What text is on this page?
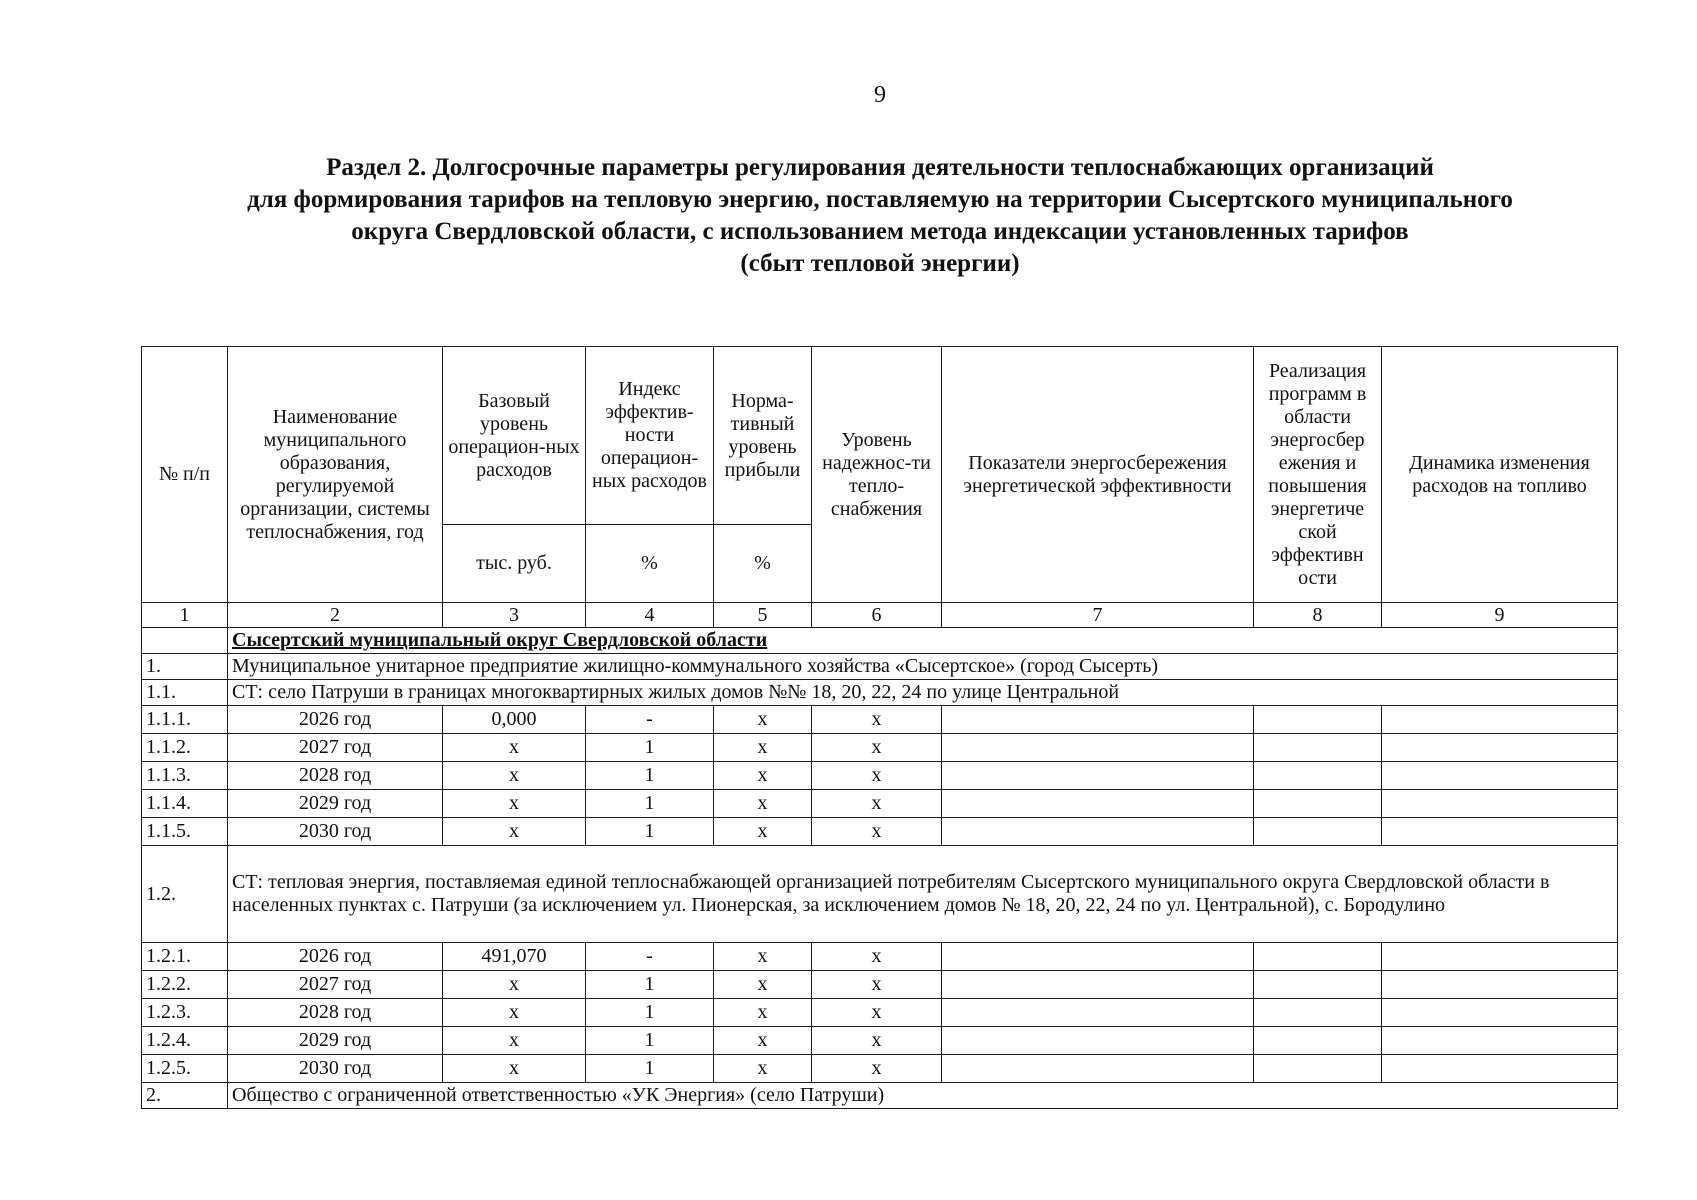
9
Раздел 2. Долгосрочные параметры регулирования деятельности теплоснабжающих организаций
для формирования тарифов на тепловую энергию, поставляемую на территории Сысертского муниципального
округа Свердловской области, с использованием метода индексации установленных тарифов
(сбыт тепловой энергии)
№ п/п	Наименование муниципального образования, регулируемой организации, системы теплоснабжения, год	Базовый уровень операцион-ных расходов	Индекс эффектив-ности операцион-ных расходов	Норма-тивный уровень прибыли	Уровень надежнос-ти тепло-снабжения	Показатели энергосбережения энергетической эффективности	Реализация программ в области энергосбер ежения и повышения энергетиче ской эффективн ости	Динамика изменения расходов на топливо
		тыс. руб.	%	%				
1	2	3	4	5	6	7	8	9
	Сысертский муниципальный округ Свердловской области							
1.	Муниципальное унитарное предприятие жилищно-коммунального хозяйства «Сысертское» (город Сысерть)							
1.1.	СТ: село Патруши в границах многоквартирных жилых домов №№ 18, 20, 22, 24 по улице Центральной							
1.1.1.	2026 год	0,000	-	x	x			
1.1.2.	2027 год	x	1	x	x			
1.1.3.	2028 год	x	1	x	x			
1.1.4.	2029 год	x	1	x	x			
1.1.5.	2030 год	x	1	x	x			
1.2.	СТ: тепловая энергия, поставляемая единой теплоснабжающей организацией потребителям Сысертского муниципального округа Свердловской области в населенных пунктах с. Патруши (за исключением ул. Пионерская, за исключением домов № 18, 20, 22, 24 по ул. Центральной), с. Бородулино							
1.2.1.	2026 год	491,070	-	x	x			
1.2.2.	2027 год	x	1	x	x			
1.2.3.	2028 год	x	1	x	x			
1.2.4.	2029 год	x	1	x	x			
1.2.5.	2030 год	x	1	x	x			
2.	Общество с ограниченной ответственностью «УК Энергия» (село Патруши)							
